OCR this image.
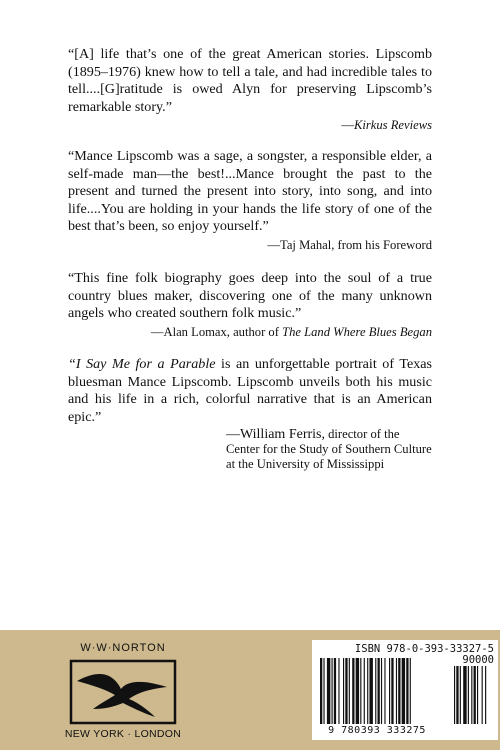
“[A] life that’s one of the great American stories. Lipscomb (1895–1976) knew how to tell a tale, and had incredible tales to tell....[G]ratitude is owed Alyn for preserving Lipscomb’s remarkable story.”

—Kirkus Reviews

“Mance Lipscomb was a sage, a songster, a responsible elder, a self-made man—the best!...Mance brought the past to the present and turned the present into story, into song, and into life....You are holding in your hands the life story of one of the best that’s been, so enjoy yourself.”

—Taj Mahal, from his Foreword

“This fine folk biography goes deep into the soul of a true country blues maker, discovering one of the many unknown angels who created southern folk music.”

—Alan Lomax, author of The Land Where Blues Began

“I Say Me for a Parable is an unforgettable portrait of Texas bluesman Mance Lipscomb. Lipscomb unveils both his music and his life in a rich, colorful narrative that is an American epic.”

—William Ferris, director of the Center for the Study of Southern Culture at the University of Mississippi
W·W·NORTON
NEW YORK · LONDON
ISBN 978-0-393-33327-5
90000
9 780393 333275
